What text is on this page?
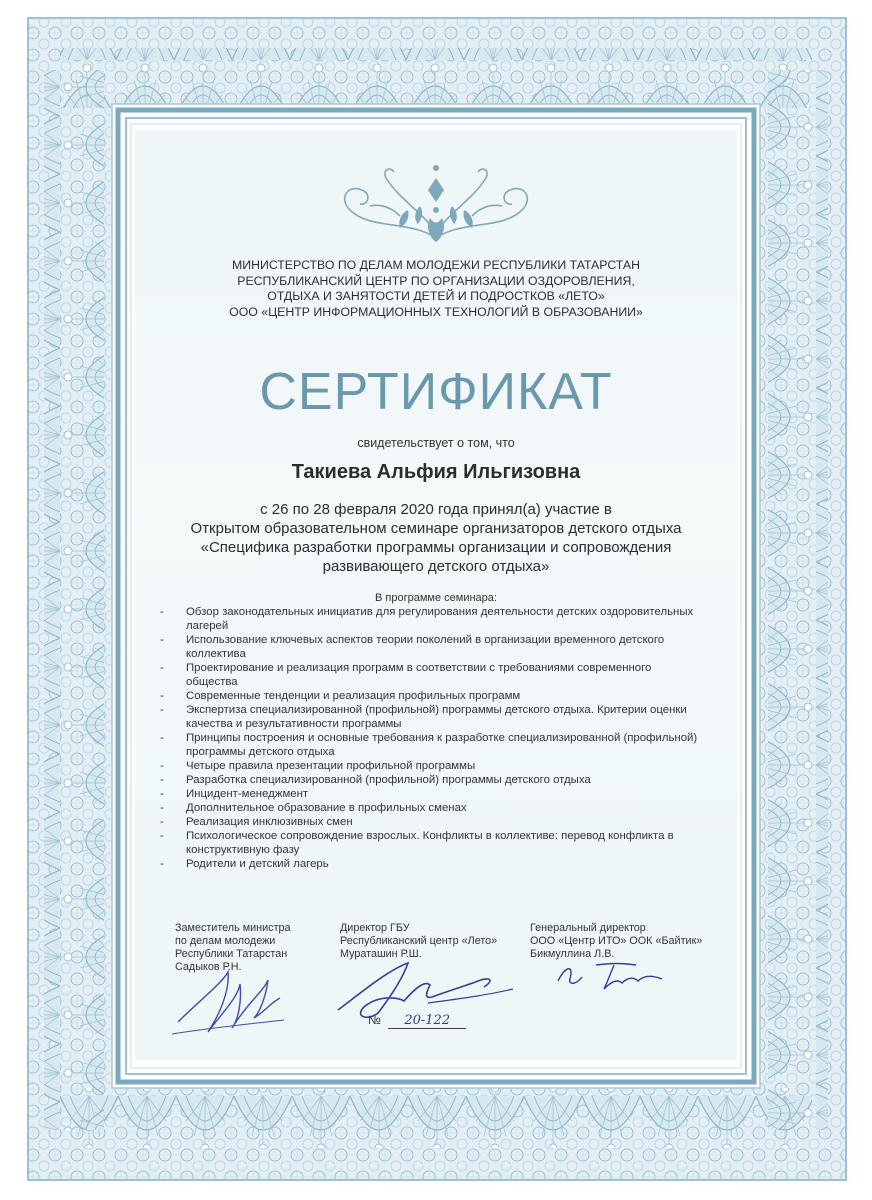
МИНИСТЕРСТВО ПО ДЕЛАМ МОЛОДЕЖИ РЕСПУБЛИКИ ТАТАРСТАН
РЕСПУБЛИКАНСКИЙ ЦЕНТР ПО ОРГАНИЗАЦИИ ОЗДОРОВЛЕНИЯ,
ОТДЫХА И ЗАНЯТОСТИ ДЕТЕЙ И ПОДРОСТКОВ «ЛЕТО»
ООО «ЦЕНТР ИНФОРМАЦИОННЫХ ТЕХНОЛОГИЙ В ОБРАЗОВАНИИ»
СЕРТИФИКАТ
свидетельствует о том, что
Такиева Альфия Ильгизовна
с 26 по 28 февраля 2020 года принял(а) участие в
Открытом образовательном семинаре организаторов детского отдыха
«Специфика разработки программы организации и сопровождения
развивающего детского отдыха»
В программе семинара:
- Обзор законодательных инициатив для регулирования деятельности детских оздоровительных лагерей
- Использование ключевых аспектов теории поколений в организации временного детского коллектива
- Проектирование и реализация программ в соответствии с требованиями современного общества
- Современные тенденции и реализация профильных программ
- Экспертиза специализированной (профильной) программы детского отдыха. Критерии оценки качества и результативности программы
- Принципы построения и основные требования к разработке специализированной (профильной) программы детского отдыха
- Четыре правила презентации профильной программы
- Разработка специализированной (профильной) программы детского отдыха
- Инцидент-менеджмент
- Дополнительное образование в профильных сменах
- Реализация инклюзивных смен
- Психологическое сопровождение взрослых. Конфликты в коллективе: перевод конфликта в конструктивную фазу
- Родители и детский лагерь
Заместитель министра
по делам молодежи
Республики Татарстан
Садыков Р.Н.
Директор ГБУ
Республиканский центр «Лето»
Мураташин Р.Ш.
Генеральный директор
ООО «Центр ИТО» ООК «Байтик»
Бикмуллина Л.В.
№ 20-122
